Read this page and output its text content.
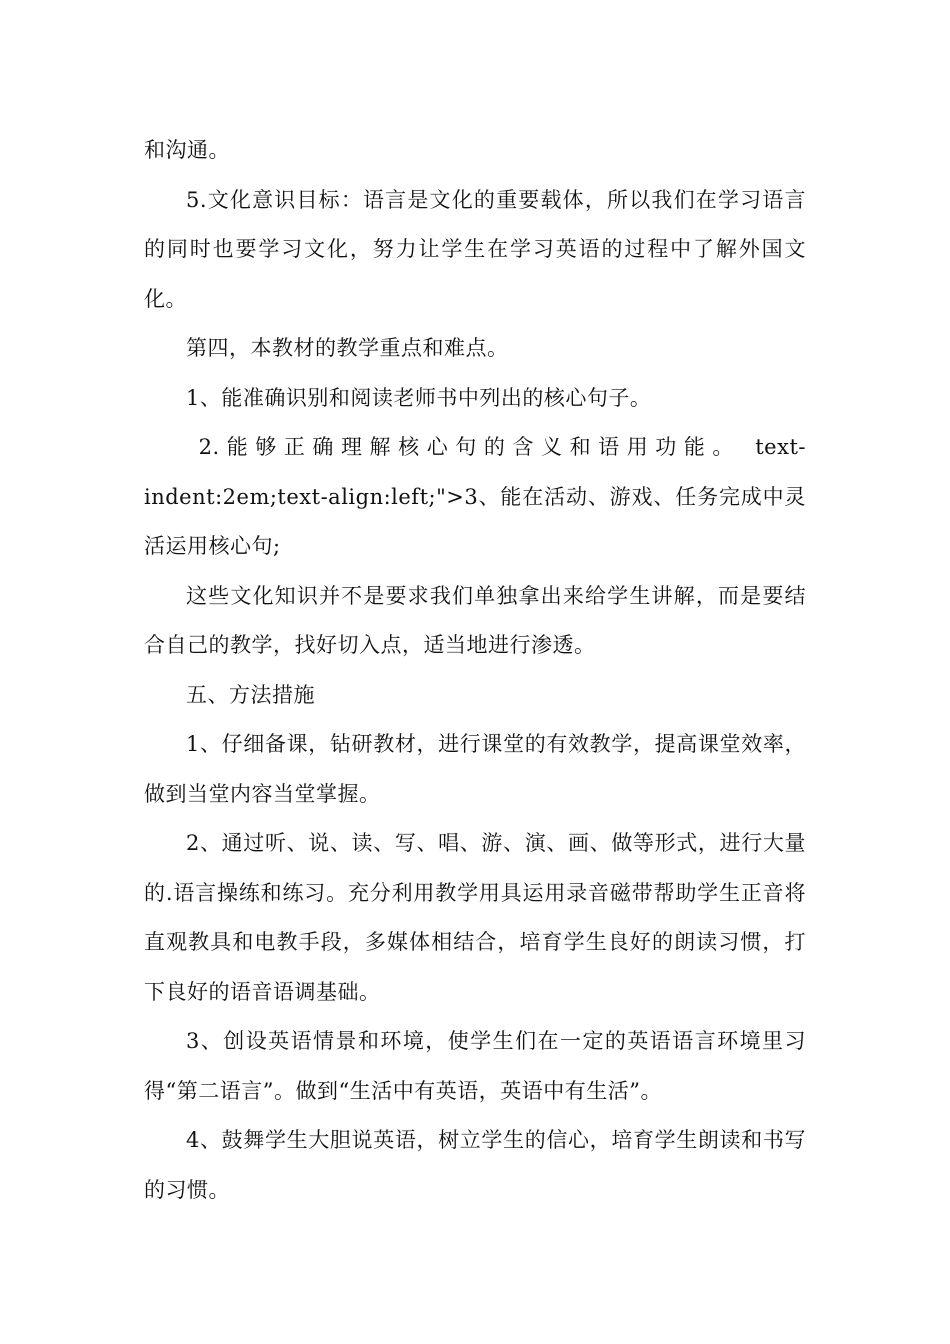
和沟通。

5.文化意识目标：语言是文化的重要载体，所以我们在学习语言的同时也要学习文化，努力让学生在学习英语的过程中了解外国文化。

第四，本教材的教学重点和难点。

1、能准确识别和阅读老师书中列出的核心句子。

2.能够正确理解核心句的含义和语用功能。 text-indent:2em;text-align:left;">3、能在活动、游戏、任务完成中灵活运用核心句;

这些文化知识并不是要求我们单独拿出来给学生讲解，而是要结合自己的教学，找好切入点，适当地进行渗透。

五、方法措施

1、仔细备课，钻研教材，进行课堂的有效教学，提高课堂效率，做到当堂内容当堂掌握。

2、通过听、说、读、写、唱、游、演、画、做等形式，进行大量的.语言操练和练习。充分利用教学用具运用录音磁带帮助学生正音将直观教具和电教手段，多媒体相结合，培育学生良好的朗读习惯，打下良好的语音语调基础。

3、创设英语情景和环境，使学生们在一定的英语语言环境里习得“第二语言”。做到“生活中有英语，英语中有生活”。

4、鼓舞学生大胆说英语，树立学生的信心，培育学生朗读和书写的习惯。
